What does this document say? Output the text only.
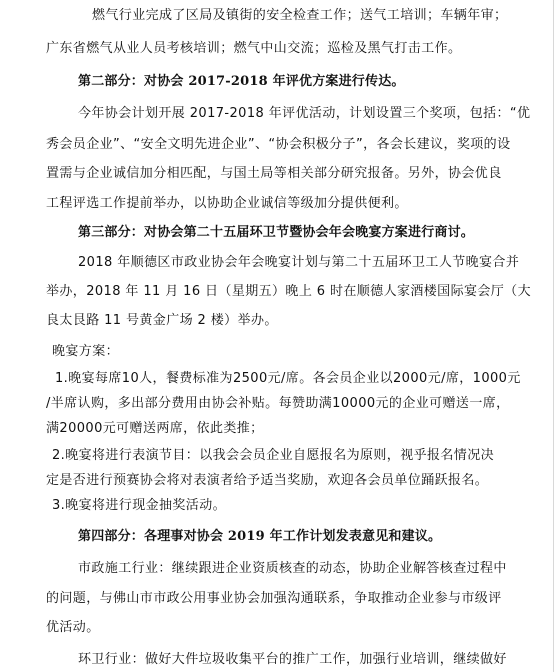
燃气行业完成了区局及镇街的安全检查工作；送气工培训；车辆年审；
广东省燃气从业人员考核培训；燃气中山交流；巡检及黑气打击工作。
第二部分：对协会 2017-2018 年评优方案进行传达。
今年协会计划开展 2017-2018 年评优活动，计划设置三个奖项，包括：“优
秀会员企业”、“安全文明先进企业”、“协会积极分子”，各会长建议，奖项的设
置需与企业诚信加分相匹配，与国土局等相关部分研究报备。另外，协会优良
工程评选工作提前举办，以协助企业诚信等级加分提供便利。
第三部分：对协会第二十五届环卫节暨协会年会晚宴方案进行商讨。
2018 年顺德区市政业协会年会晚宴计划与第二十五届环卫工人节晚宴合并
举办，2018 年 11 月 16 日（星期五）晚上 6 时在顺德人家酒楼国际宴会厅（大
良太艮路 11 号黄金广场 2 楼）举办。
晚宴方案：
1.晚宴每席10人，餐费标准为2500元/席。各会员企业以2000元/席，1000元
/半席认购，多出部分费用由协会补贴。每赞助满10000元的企业可赠送一席，
满20000元可赠送两席，依此类推；
2.晚宴将进行表演节目：以我会会员企业自愿报名为原则，视乎报名情况决
定是否进行预赛协会将对表演者给予适当奖励，欢迎各会员单位踊跃报名。
3.晚宴将进行现金抽奖活动。
第四部分：各理事对协会 2019 年工作计划发表意见和建议。
市政施工行业：继续跟进企业资质核查的动态，协助企业解答核查过程中
的问题，与佛山市市政公用事业协会加强沟通联系，争取推动企业参与市级评
优活动。
环卫行业：做好大件垃圾收集平台的推广工作，加强行业培训，继续做好
